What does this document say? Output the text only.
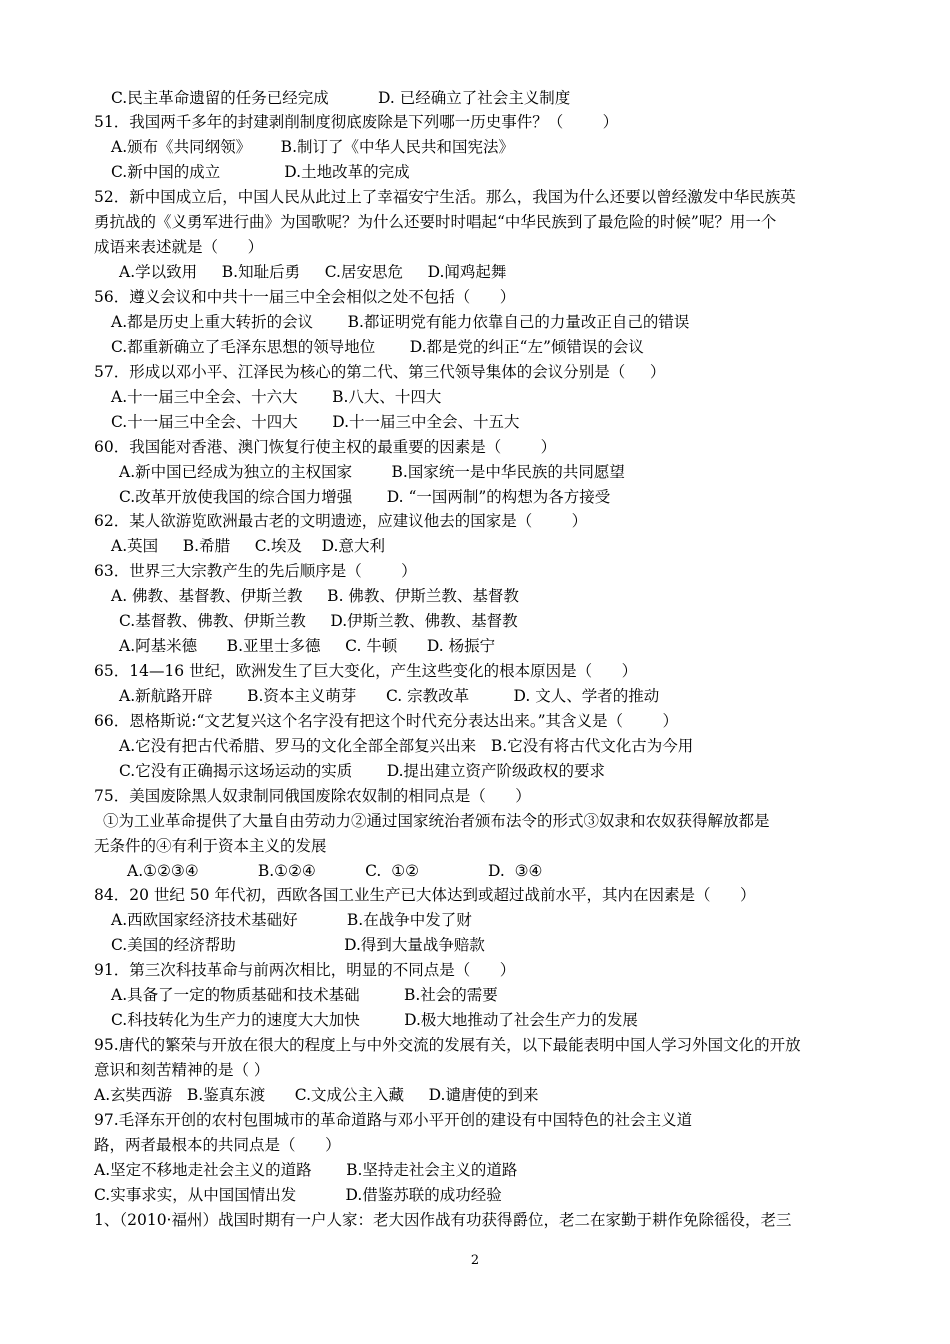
C.民主革命遗留的任务已经完成          D. 已经确立了社会主义制度
51．我国两千多年的封建剥削制度彻底废除是下列哪一历史事件？（        ）
A.颁布《共同纲领》      B.制订了《中华人民共和国宪法》
C.新中国的成立             D.土地改革的完成
52．新中国成立后，中国人民从此过上了幸福安宁生活。那么，我国为什么还要以曾经激发中华民族英
勇抗战的《义勇军进行曲》为国歌呢？为什么还要时时唱起“中华民族到了最危险的时候”呢？用一个
成语来表述就是（      ）
A.学以致用     B.知耻后勇     C.居安思危     D.闻鸡起舞
56．遵义会议和中共十一届三中全会相似之处不包括（      ）
A.都是历史上重大转折的会议       B.都证明党有能力依靠自己的力量改正自己的错误
C.都重新确立了毛泽东思想的领导地位       D.都是党的纠正“左”倾错误的会议
57．形成以邓小平、江泽民为核心的第二代、第三代领导集体的会议分别是（     ）
A.十一届三中全会、十六大       B.八大、十四大
C.十一届三中全会、十四大       D.十一届三中全会、十五大
60．我国能对香港、澳门恢复行使主权的最重要的因素是（        ）
A.新中国已经成为独立的主权国家        B.国家统一是中华民族的共同愿望
C.改革开放使我国的综合国力增强       D. “一国两制”的构想为各方接受
62．某人欲游览欧洲最古老的文明遗迹，应建议他去的国家是（        ）
A.英国     B.希腊     C.埃及    D.意大利
63．世界三大宗教产生的先后顺序是（        ）
A. 佛教、基督教、伊斯兰教     B. 佛教、伊斯兰教、基督教
C.基督教、佛教、伊斯兰教     D.伊斯兰教、佛教、基督教
A.阿基米德      B.亚里士多德     C. 牛顿      D. 杨振宁
65．14—16 世纪，欧洲发生了巨大变化，产生这些变化的根本原因是（      ）
A.新航路开辟       B.资本主义萌芽      C. 宗教改革         D. 文人、学者的推动
66．恩格斯说:“文艺复兴这个名字没有把这个时代充分表达出来。”其含义是（        ）
A.它没有把古代希腊、罗马的文化全部全部复兴出来   B.它没有将古代文化古为今用
C.它没有正确揭示这场运动的实质       D.提出建立资产阶级政权的要求
75．美国废除黑人奴隶制同俄国废除农奴制的相同点是（      ）
①为工业革命提供了大量自由劳动力②通过国家统治者颁布法令的形式③奴隶和农奴获得解放都是
无条件的④有利于资本主义的发展
A.①②③④            B.①②④          C.  ①②              D.  ③④
84．20 世纪 50 年代初，西欧各国工业生产已大体达到或超过战前水平，其内在因素是（      ）
A.西欧国家经济技术基础好          B.在战争中发了财
C.美国的经济帮助                      D.得到大量战争赔款
91．第三次科技革命与前两次相比，明显的不同点是（      ）
A.具备了一定的物质基础和技术基础         B.社会的需要
C.科技转化为生产力的速度大大加快         D.极大地推动了社会生产力的发展
95.唐代的繁荣与开放在很大的程度上与中外交流的发展有关，以下最能表明中国人学习外国文化的开放
意识和刻苦精神的是（ ）
A.玄奘西游   B.鉴真东渡      C.文成公主入藏     D.谴唐使的到来
97.毛泽东开创的农村包围城市的革命道路与邓小平开创的建设有中国特色的社会主义道
路，两者最根本的共同点是（      ）
A.坚定不移地走社会主义的道路       B.坚持走社会主义的道路
C.实事求实，从中国国情出发          D.借鉴苏联的成功经验
1、（2010·福州）战国时期有一户人家：老大因作战有功获得爵位，老二在家勤于耕作免除徭役，老三
2
